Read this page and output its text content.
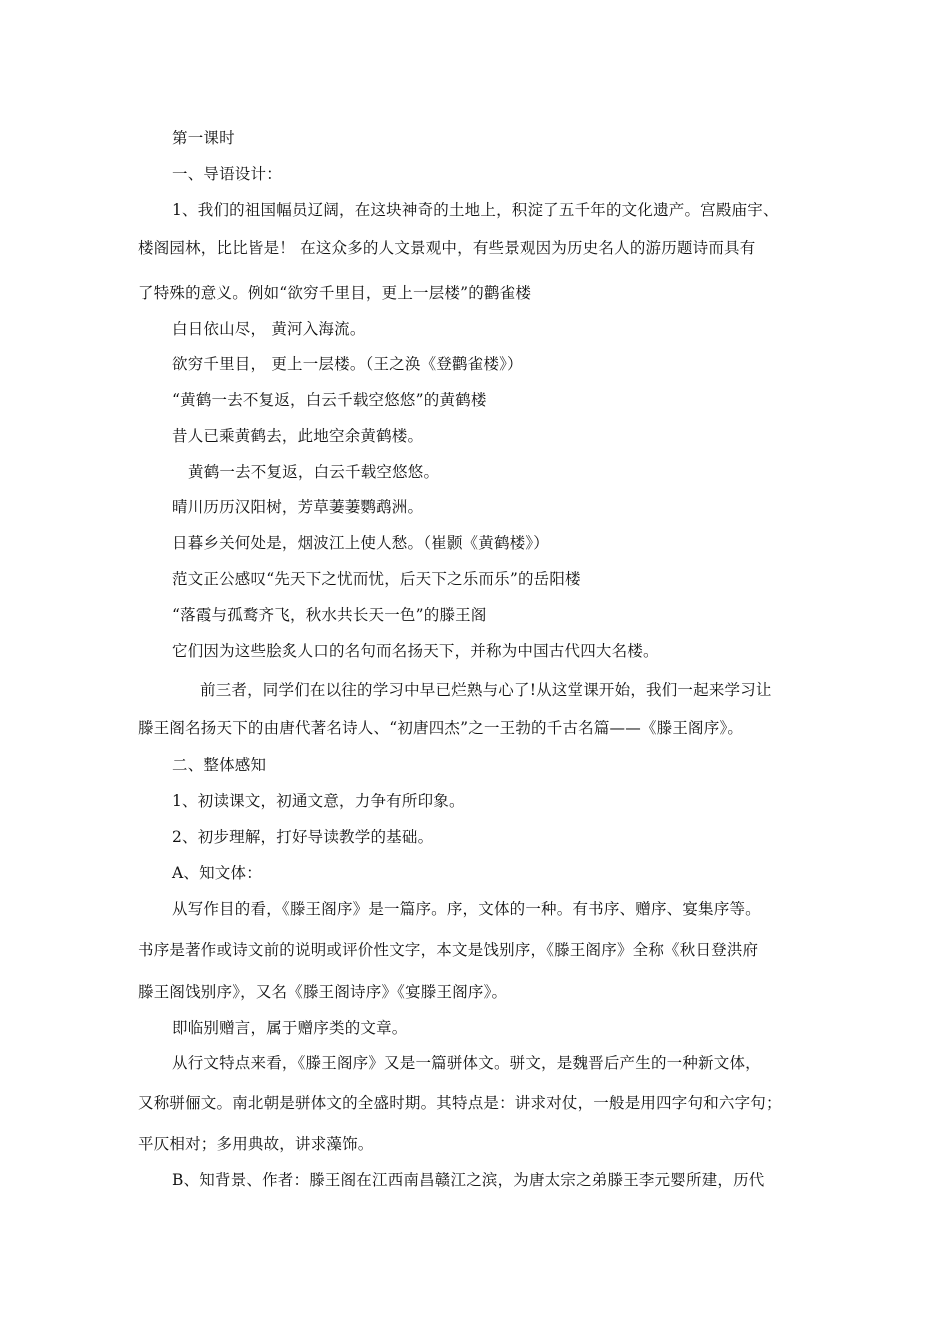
第一课时
一、导语设计：
1、我们的祖国幅员辽阔，在这块神奇的土地上，积淀了五千年的文化遗产。宫殿庙宇、
楼阁园林，比比皆是！ 在这众多的人文景观中，有些景观因为历史名人的游历题诗而具有
了特殊的意义。例如“欲穷千里目，更上一层楼”的鹳雀楼
白日依山尽， 黄河入海流。
欲穷千里目， 更上一层楼。（王之涣《登鹳雀楼》）
“黄鹤一去不复返，白云千载空悠悠”的黄鹤楼
昔人已乘黄鹤去，此地空余黄鹤楼。
黄鹤一去不复返，白云千载空悠悠。
晴川历历汉阳树，芳草萋萋鹦鹉洲。
日暮乡关何处是，烟波江上使人愁。（崔颢《黄鹤楼》）
范文正公感叹“先天下之忧而忧，后天下之乐而乐”的岳阳楼
“落霞与孤鹜齐飞，秋水共长天一色”的滕王阁
它们因为这些脍炙人口的名句而名扬天下，并称为中国古代四大名楼。
前三者，同学们在以往的学习中早已烂熟与心了!从这堂课开始，我们一起来学习让
滕王阁名扬天下的由唐代著名诗人、“初唐四杰”之一王勃的千古名篇——《滕王阁序》。
二、整体感知
1、初读课文，初通文意，力争有所印象。
2、初步理解，打好导读教学的基础。
A、知文体：
从写作目的看，《滕王阁序》是一篇序。序，文体的一种。有书序、赠序、宴集序等。
书序是著作或诗文前的说明或评价性文字，本文是饯别序，《滕王阁序》全称《秋日登洪府
滕王阁饯别序》，又名《滕王阁诗序》《宴滕王阁序》。
即临别赠言，属于赠序类的文章。
从行文特点来看，《滕王阁序》又是一篇骈体文。骈文，是魏晋后产生的一种新文体，
又称骈俪文。南北朝是骈体文的全盛时期。其特点是：讲求对仗，一般是用四字句和六字句；
平仄相对；多用典故，讲求藻饰。
B、知背景、作者：滕王阁在江西南昌赣江之滨，为唐太宗之弟滕王李元婴所建，历代
